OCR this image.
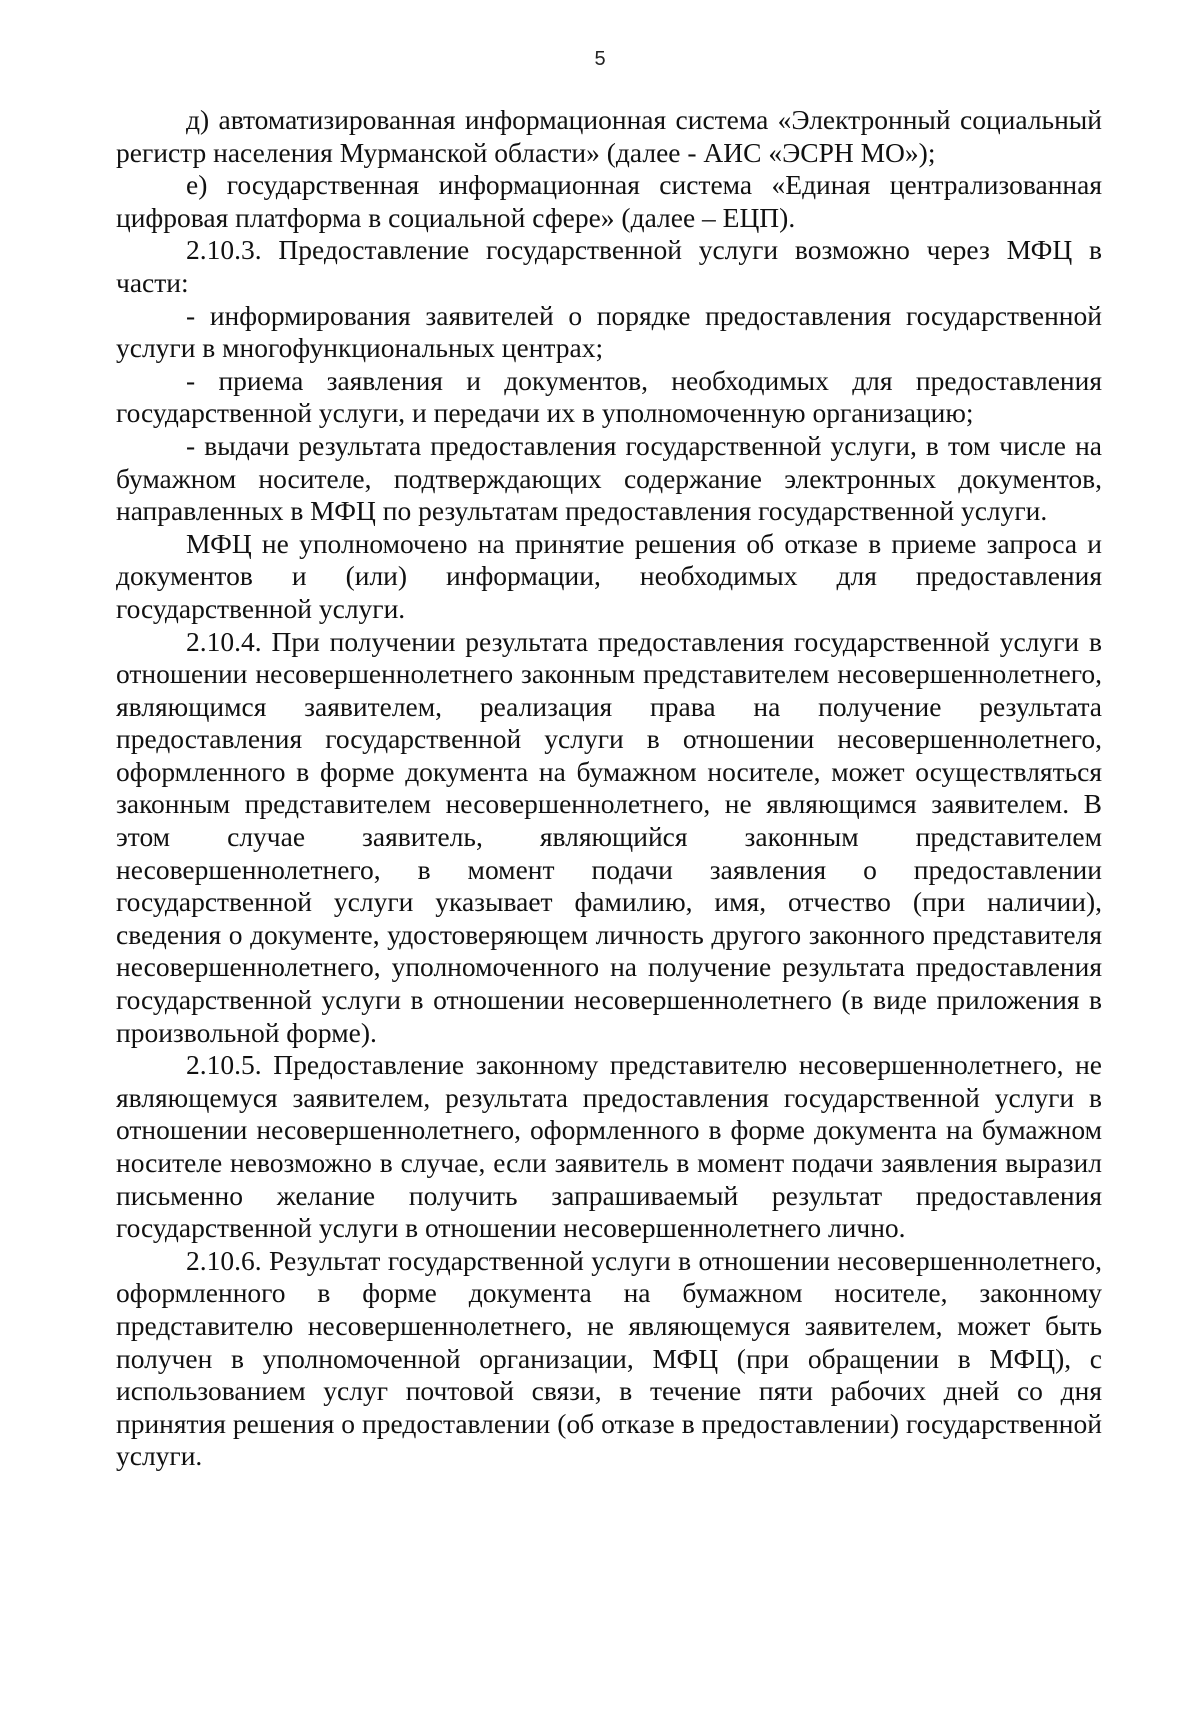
5

д) автоматизированная информационная система «Электронный социальный регистр населения Мурманской области» (далее - АИС «ЭСРН МО»);

е) государственная информационная система «Единая централизованная цифровая платформа в социальной сфере» (далее – ЕЦП).

2.10.3. Предоставление государственной услуги возможно через МФЦ в части:

- информирования заявителей о порядке предоставления государственной услуги в многофункциональных центрах;

- приема заявления и документов, необходимых для предоставления государственной услуги, и передачи их в уполномоченную организацию;

- выдачи результата предоставления государственной услуги, в том числе на бумажном носителе, подтверждающих содержание электронных документов, направленных в МФЦ по результатам предоставления государственной услуги.

МФЦ не уполномочено на принятие решения об отказе в приеме запроса и документов и (или) информации, необходимых для предоставления государственной услуги.

2.10.4. При получении результата предоставления государственной услуги в отношении несовершеннолетнего законным представителем несовершеннолетнего, являющимся заявителем, реализация права на получение результата предоставления государственной услуги в отношении несовершеннолетнего, оформленного в форме документа на бумажном носителе, может осуществляться законным представителем несовершеннолетнего, не являющимся заявителем. В этом случае заявитель, являющийся законным представителем несовершеннолетнего, в момент подачи заявления о предоставлении государственной услуги указывает фамилию, имя, отчество (при наличии), сведения о документе, удостоверяющем личность другого законного представителя несовершеннолетнего, уполномоченного на получение результата предоставления государственной услуги в отношении несовершеннолетнего (в виде приложения в произвольной форме).

2.10.5. Предоставление законному представителю несовершеннолетнего, не являющемуся заявителем, результата предоставления государственной услуги в отношении несовершеннолетнего, оформленного в форме документа на бумажном носителе невозможно в случае, если заявитель в момент подачи заявления выразил письменно желание получить запрашиваемый результат предоставления государственной услуги в отношении несовершеннолетнего лично.

2.10.6. Результат государственной услуги в отношении несовершеннолетнего, оформленного в форме документа на бумажном носителе, законному представителю несовершеннолетнего, не являющемуся заявителем, может быть получен в уполномоченной организации, МФЦ (при обращении в МФЦ), с использованием услуг почтовой связи, в течение пяти рабочих дней со дня принятия решения о предоставлении (об отказе в предоставлении) государственной услуги.
